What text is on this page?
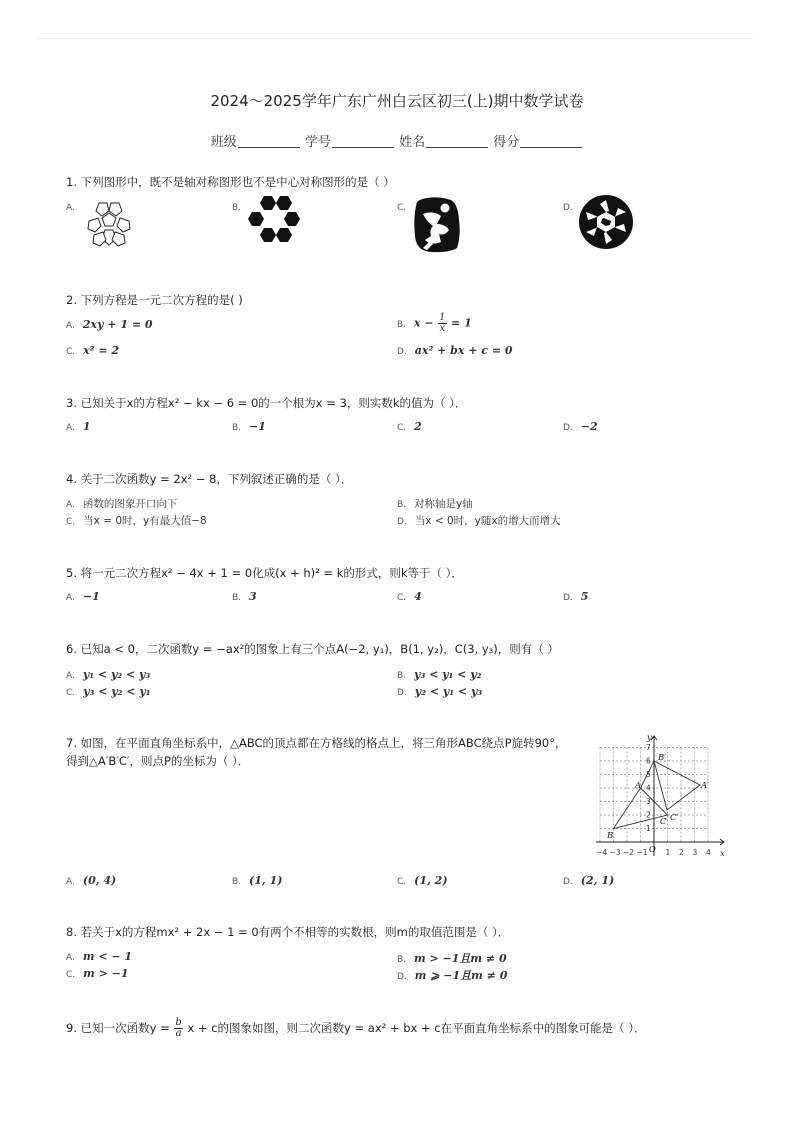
2024～2025学年广东广州白云区初三(上)期中数学试卷
班级	学号	姓名	得分
1. 下列图形中，既不是轴对称图形也不是中心对称图形的是（ ）
A.	B.	C.	D.
2. 下列方程是一元二次方程的是( )
A. 2xy + 1 = 0	B. $x - \frac{1}{x} = 1$
C. x² = 2	D. ax² + bx + c = 0
3. 已知关于x的方程x² − kx − 6 = 0的一个根为x = 3，则实数k的值为（ ）．
A. 1	B. −1	C. 2	D. −2
4. 关于二次函数y = 2x² − 8，下列叙述正确的是（ ）．
A. 函数的图象开口向下	B. 对称轴是y轴
C. 当x = 0时，y有最大值−8	D. 当x < 0时，y随x的增大而增大
5. 将一元二次方程x² − 4x + 1 = 0化成(x + h)² = k的形式，则k等于（ ）．
A. −1	B. 3	C. 4	D. 5
6. 已知a < 0，二次函数y = −ax²的图象上有三个点A(−2, y₁)，B(1, y₂)，C(3, y₃)，则有（ ）
A. y₁ < y₂ < y₃	B. y₃ < y₁ < y₂
C. y₃ < y₂ < y₁	D. y₂ < y₁ < y₃
7. 如图，在平面直角坐标系中，△ABC的顶点都在方格线的格点上，将三角形ABC绕点P旋转90°，
得到△A′B′C′，则点P的坐标为（ ）．
y
x
O
A
B
C
A′
B′
C′
−4 −3 −2 −1 1 2 3 4
1
2
3
4
5
6
7
A. (0, 4)	B. (1, 1)	C. (1, 2)	D. (2, 1)
8. 若关于x的方程mx² + 2x − 1 = 0有两个不相等的实数根，则m的取值范围是（ ）．
A. m < − 1	B. m > −1且m ≠ 0
C. m > −1	D. m ⩾ −1且m ≠ 0
9. 已知一次函数$y = \frac{b}{a}$ x + c的图象如图，则二次函数y = ax² + bx + c在平面直角坐标系中的图象可能是（ ）．
